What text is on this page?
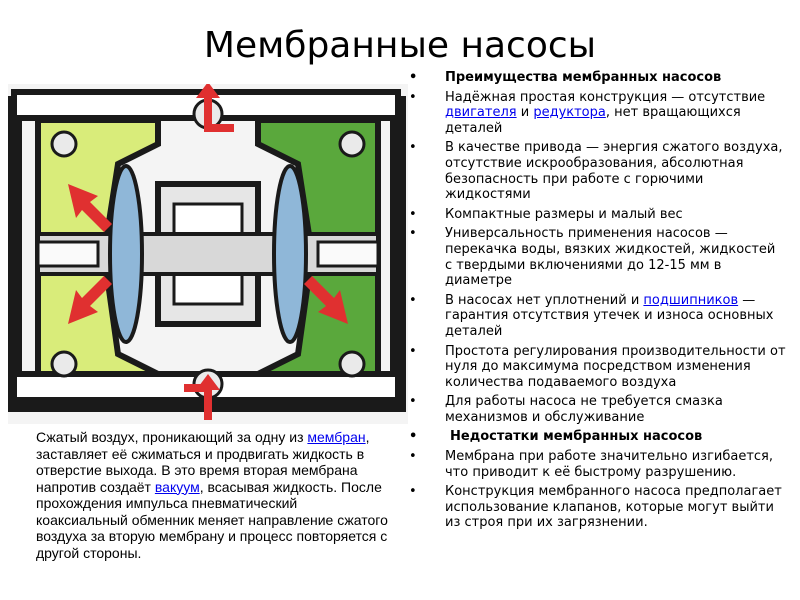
Мембранные насосы
• Преимущества мембранных насосов
• Надёжная простая конструкция — отсутствие двигателя и редуктора, нет вращающихся деталей
• В качестве привода — энергия сжатого воздуха, отсутствие искрообразования, абсолютная безопасность при работе с горючими жидкостями
• Компактные размеры и малый вес
• Универсальность применения насосов — перекачка воды, вязких жидкостей, жидкостей с твердыми включениями до 12-15 мм в диаметре
• В насосах нет уплотнений и подшипников — гарантия отсутствия утечек и износа основных деталей
• Простота регулирования производительности от нуля до максимума посредством изменения количества подаваемого воздуха
• Для работы насоса не требуется смазка механизмов и обслуживание
• Недостатки мембранных насосов
• Мембрана при работе значительно изгибается, что приводит к её быстрому разрушению.
• Конструкция мембранного насоса предполагает использование клапанов, которые могут выйти из строя при их загрязнении.
Сжатый воздух, проникающий за одну из мембран, заставляет её сжиматься и продвигать жидкость в отверстие выхода. В это время вторая мембрана напротив создаёт вакуум, всасывая жидкость. После прохождения импульса пневматический коаксиальный обменник меняет направление сжатого воздуха за вторую мембрану и процесс повторяется с другой стороны.
